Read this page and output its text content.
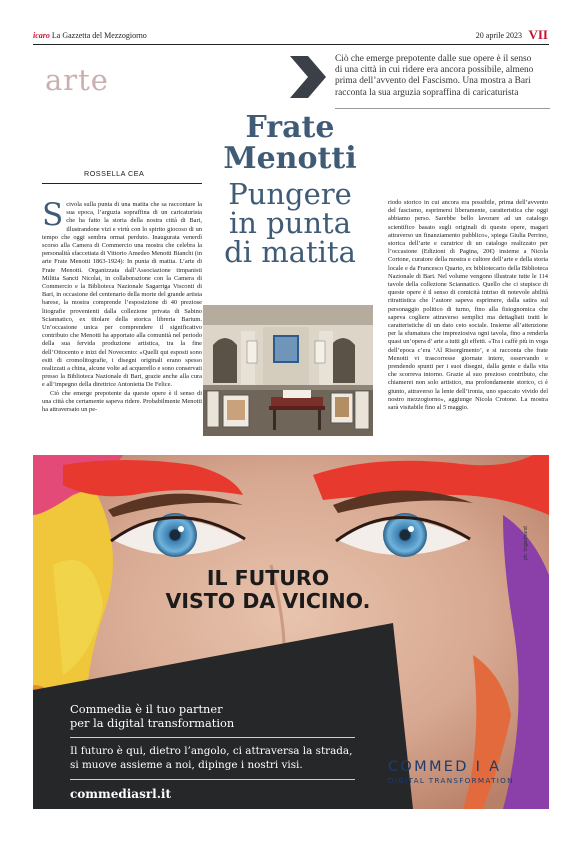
icaro La Gazzetta del Mezzogiorno	20 aprile 2023 VII
arte
Ciò che emerge prepotente dalle sue opere è il senso di una città in cui ridere era ancora possibile, almeno prima dell’avvento del Fascismo. Una mostra a Bari racconta la sua arguzia sopraffina di caricaturista
Frate
Menotti
Pungere
in punta
di matita
ROSSELLA CEA
S civola sulla punta di una matita che sa raccontare la sua epoca, l’arguzia sopraffina di un caricaturista che ha fatto la storia della nostra città di Bari, illustrandone vizi e virtù con lo spirito giocoso di un tempo che oggi sembra ormai perduto. Inaugurata venerdì scorso alla Camera di Commercio una mostra che celebra la personalità sfaccettata di Vittorio Amedeo Menotti Bianchi (in arte Frate Menotti 1863-1924): In punta di matita. L’arte di Frate Menotti. Organizzata dall’Associazione timpanisti Militia Sancti Nicolai, in collaborazione con la Camera di Commercio e la Biblioteca Nazionale Sagarriga Visconti di Bari, in occasione del centenario della morte del grande artista barese, la mostra comprende l’esposizione di 40 preziose litografie provenienti dalla collezione privata di Sabino Sciannatico, ex titolare della storica libreria Barium. Un’occasione unica per comprendere il significativo contributo che Menotti ha apportato alla comunità nel periodo della sua fervida produzione artistica, tra la fine dell’Ottocento e inizi del Novecento: «Quelli qui esposti sono esiti di cromolitografie, i disegni originali erano spesso realizzati a china, alcune volte ad acquerello e sono conservati presso la Biblioteca Nazionale di Bari, grazie anche alla cura e all’impegno della direttrice Antonietta De Felice.

Ciò che emerge prepotente da queste opere è il senso di una città che certamente sapeva ridere. Probabilmente Menotti ha attraversato un pe-

riodo storico in cui ancora era possibile, prima dell’avvento del fascismo, esprimersi liberamente, caratteristica che oggi abbiamo perso. Sarebbe bello lavorare ad un catalogo scientifico basato sugli originali di queste opere, magari attraverso un finanziamento pubblico», spiega Giulia Perrino, storica dell’arte e curatrice di un catalogo realizzato per l’occasione (Edizioni di Pagina, 20€) insieme a Nicola Cortone, curatore della mostra e cultore dell’arte e della storia locale e da Francesco Quarto, ex bibliotecario della Biblioteca Nazionale di Bari. Nel volume vengono illustrate tutte le 114 tavole della collezione Sciannatico. Quello che ci stupisce di queste opere è il senso di comicità intriso di notevole abilità ritrattistica che l’autore sapeva esprimere, dalla satira sul personaggio politico di turno, fino alla fisiognomica che sapeva cogliere attraverso semplici ma dettagliati tratti le caratteristiche di un dato ceto sociale. Insieme all’attenzione per la sfumatura che impreziosiva ogni tavola, fino a renderla quasi un’opera d’ arte a tutti gli effetti. «Tra i caffè più in voga dell’epoca c’era ‘Al Risorgimento’, e si racconta che frate Menotti vi trascorresse giornate intere, osservando e prendendo spunti per i suoi disegni, dalla gente e dalla vita che scorreva intorno. Grazie al suo prezioso contributo, che chiamerei non solo artistico, ma profondamente storico, ci è giunto, attraverso la lente dell’ironia, uno spaccato vivido del nostro mezzogiorno», aggiunge Nicola Crotone. La mostra sarà visitabile fino al 5 maggio.

IL FUTURO
VISTO DA VICINO.
ph. Imgorthand
Commedia è il tuo partner
per la digital transformation
Il futuro è qui, dietro l’angolo, ci attraversa la strada,
si muove assieme a noi, dipinge i nostri visi.
commediasrl.it
COMMED I A
DIGITAL TRANSFORMATION
